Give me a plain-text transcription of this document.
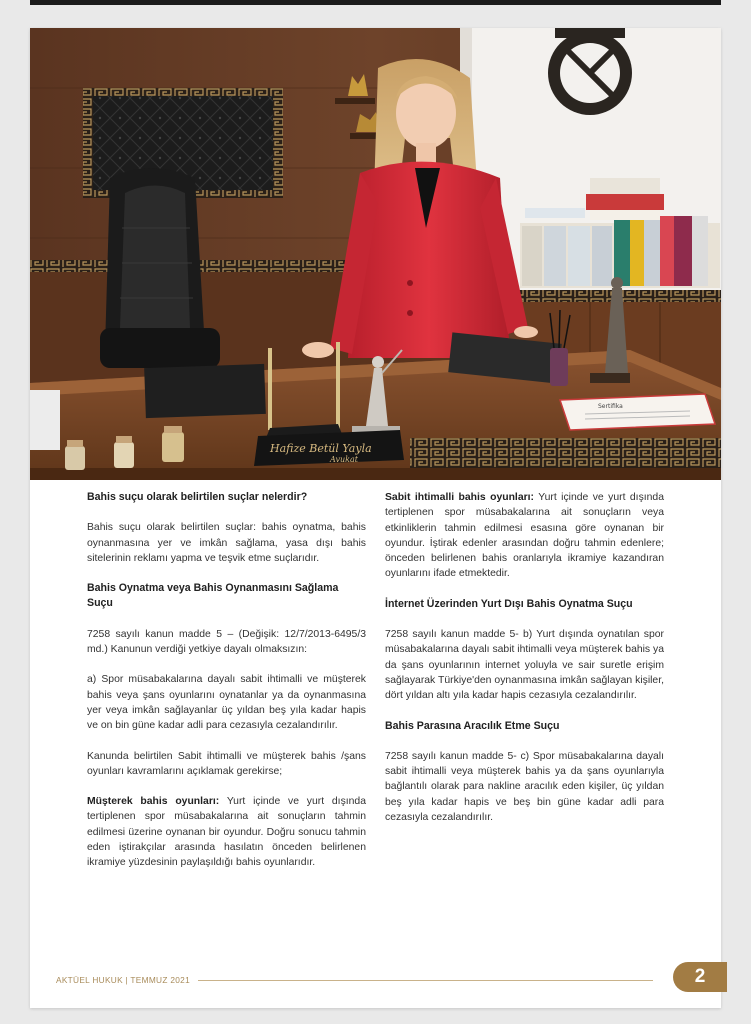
Hafize Betül Yayla
Avukat
Sertifika
Bahis suçu olarak belirtilen suçlar nelerdir?

Bahis suçu olarak belirtilen suçlar: bahis oynatma, bahis oynanmasına yer ve imkân sağlama, yasa dışı bahis sitelerinin reklamı yapma ve teşvik etme suçlarıdır.

Bahis Oynatma veya Bahis Oynanmasını Sağlama Suçu

7258 sayılı kanun madde 5 – (Değişik: 12/7/2013-6495/3 md.) Kanunun verdiği yetkiye dayalı olmaksızın:

a) Spor müsabakalarına dayalı sabit ihtimalli ve müşterek bahis veya şans oyunlarını oynatanlar ya da oynanmasına yer veya imkân sağlayanlar üç yıldan beş yıla kadar hapis ve on bin güne kadar adli para cezasıyla cezalandırılır.

Kanunda belirtilen Sabit ihtimalli ve müşterek bahis /şans oyunları kavramlarını açıklamak gerekirse;

Müşterek bahis oyunları: Yurt içinde ve yurt dışında tertiplenen spor müsabakalarına ait sonuçların tahmin edilmesi üzerine oynanan bir oyundur. Doğru sonucu tahmin eden iştirakçılar arasında hasılatın önceden belirlenen ikramiye yüzdesinin paylaşıldığı bahis oyunlarıdır.

Sabit ihtimalli bahis oyunları: Yurt içinde ve yurt dışında tertiplenen spor müsabakalarına ait sonuçların veya etkinliklerin tahmin edilmesi esasına göre oynanan bir oyundur. İştirak edenler arasından doğru tahmin edenlere; önceden belirlenen bahis oranlarıyla ikramiye kazandıran oyunlarını ifade etmektedir.

İnternet Üzerinden Yurt Dışı Bahis Oynatma Suçu

7258 sayılı kanun madde 5- b) Yurt dışında oynatılan spor müsabakalarına dayalı sabit ihtimalli veya müşterek bahis ya da şans oyunlarının internet yoluyla ve sair suretle erişim sağlayarak Türkiye'den oynanmasına imkân sağlayan kişiler, dört yıldan altı yıla kadar hapis cezasıyla cezalandırılır.

Bahis Parasına Aracılık Etme Suçu

7258 sayılı kanun madde 5- c) Spor müsabakalarına dayalı sabit ihtimalli veya müşterek bahis ya da şans oyunlarıyla bağlantılı olarak para nakline aracılık eden kişiler, üç yıldan beş yıla kadar hapis ve beş bin güne kadar adli para cezasıyla cezalandırılır.

AKTÜEL HUKUK | TEMMUZ 2021	2
